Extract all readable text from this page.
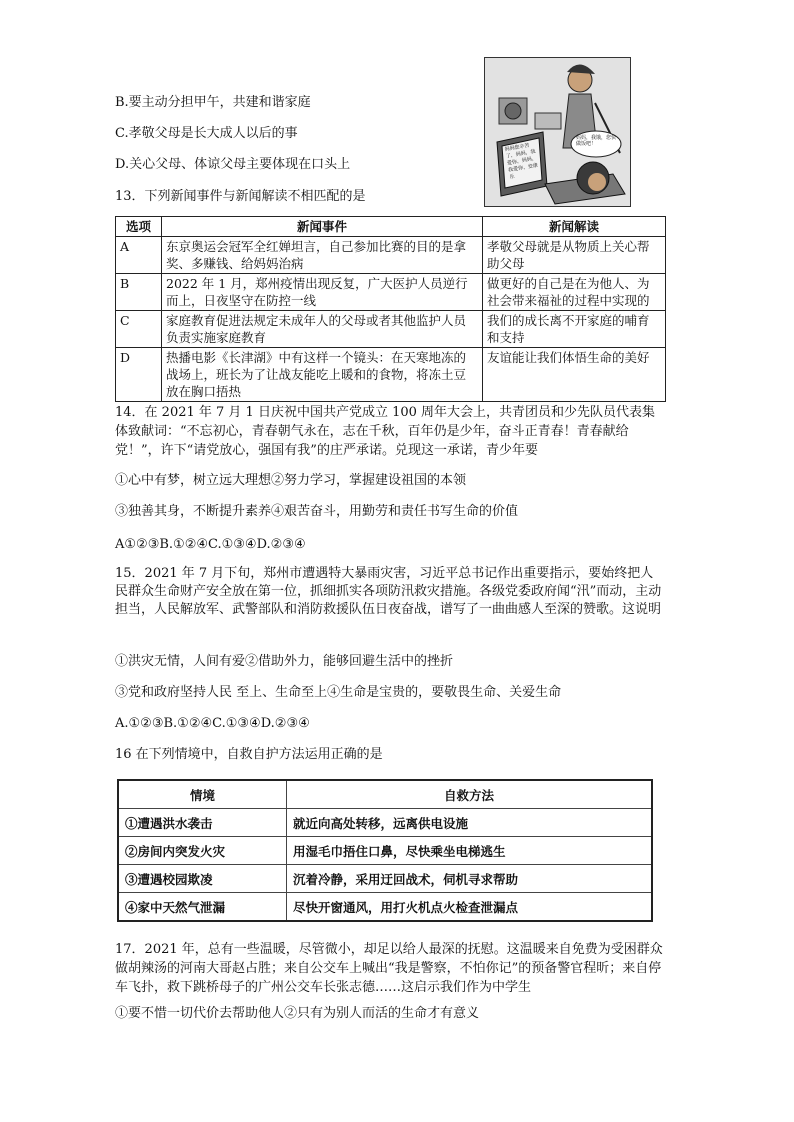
B.要主动分担甲午，共建和谐家庭
C.孝敬父母是长大成人以后的事
D.关心父母、体谅父母主要体现在口头上
妈妈，我饿，您快做饭吧！
妈妈您辛苦了，妈妈，我爱你，妈妈，我爱你，安康乐
13．下列新闻事件与新闻解读不相匹配的是
选项	新闻事件	新闻解读
A	东京奥运会冠军全红婵坦言，自己参加比赛的目的是拿奖、多赚钱、给妈妈治病	孝敬父母就是从物质上关心帮助父母
B	2022 年 1 月，郑州疫情出现反复，广大医护人员逆行而上，日夜坚守在防控一线	做更好的自己是在为他人、为社会带来福祉的过程中实现的
C	家庭教育促进法规定未成年人的父母或者其他监护人员负责实施家庭教育	我们的成长离不开家庭的哺育和支持
D	热播电影《长津湖》中有这样一个镜头：在天寒地冻的战场上，班长为了让战友能吃上暖和的食物，将冻土豆放在胸口捂热	友谊能让我们体悟生命的美好
14．在 2021 年 7 月 1 日庆祝中国共产党成立 100 周年大会上，共青团员和少先队员代表集体致献词：“不忘初心，青春朝气永在，志在千秋，百年仍是少年，奋斗正青春！青春献给党！”，许下“请党放心，强国有我”的庄严承诺。兑现这一承诺，青少年要
①心中有梦，树立远大理想②努力学习，掌握建设祖国的本领
③独善其身，不断提升素养④艰苦奋斗，用勤劳和责任书写生命的价值
A①②③B.①②④C.①③④D.②③④
15．2021 年 7 月下旬，郑州市遭遇特大暴雨灾害，习近平总书记作出重要指示，要始终把人民群众生命财产安全放在第一位，抓细抓实各项防汛救灾措施。各级党委政府闻“汛”而动，主动担当，人民解放军、武警部队和消防救援队伍日夜奋战，谱写了一曲曲感人至深的赞歌。这说明
①洪灾无情，人间有爱②借助外力，能够回避生活中的挫折
③党和政府坚持人民 至上、生命至上④生命是宝贵的，要敬畏生命、关爱生命
A.①②③B.①②④C.①③④D.②③④
16 在下列情境中，自救自护方法运用正确的是
情境	自救方法
①遭遇洪水袭击	就近向高处转移，远离供电设施
②房间内突发火灾	用湿毛巾捂住口鼻，尽快乘坐电梯逃生
③遭遇校园欺凌	沉着冷静，采用迂回战术，伺机寻求帮助
④家中天然气泄漏	尽快开窗通风，用打火机点火检查泄漏点
17．2021 年，总有一些温暖，尽管微小，却足以给人最深的抚慰。这温暖来自免费为受困群众做胡辣汤的河南大哥赵占胜；来自公交车上喊出“我是警察，不怕你记”的预备警官程昕；来自停车飞扑，救下跳桥母子的广州公交车长张志德……这启示我们作为中学生
①要不惜一切代价去帮助他人②只有为别人而活的生命才有意义
